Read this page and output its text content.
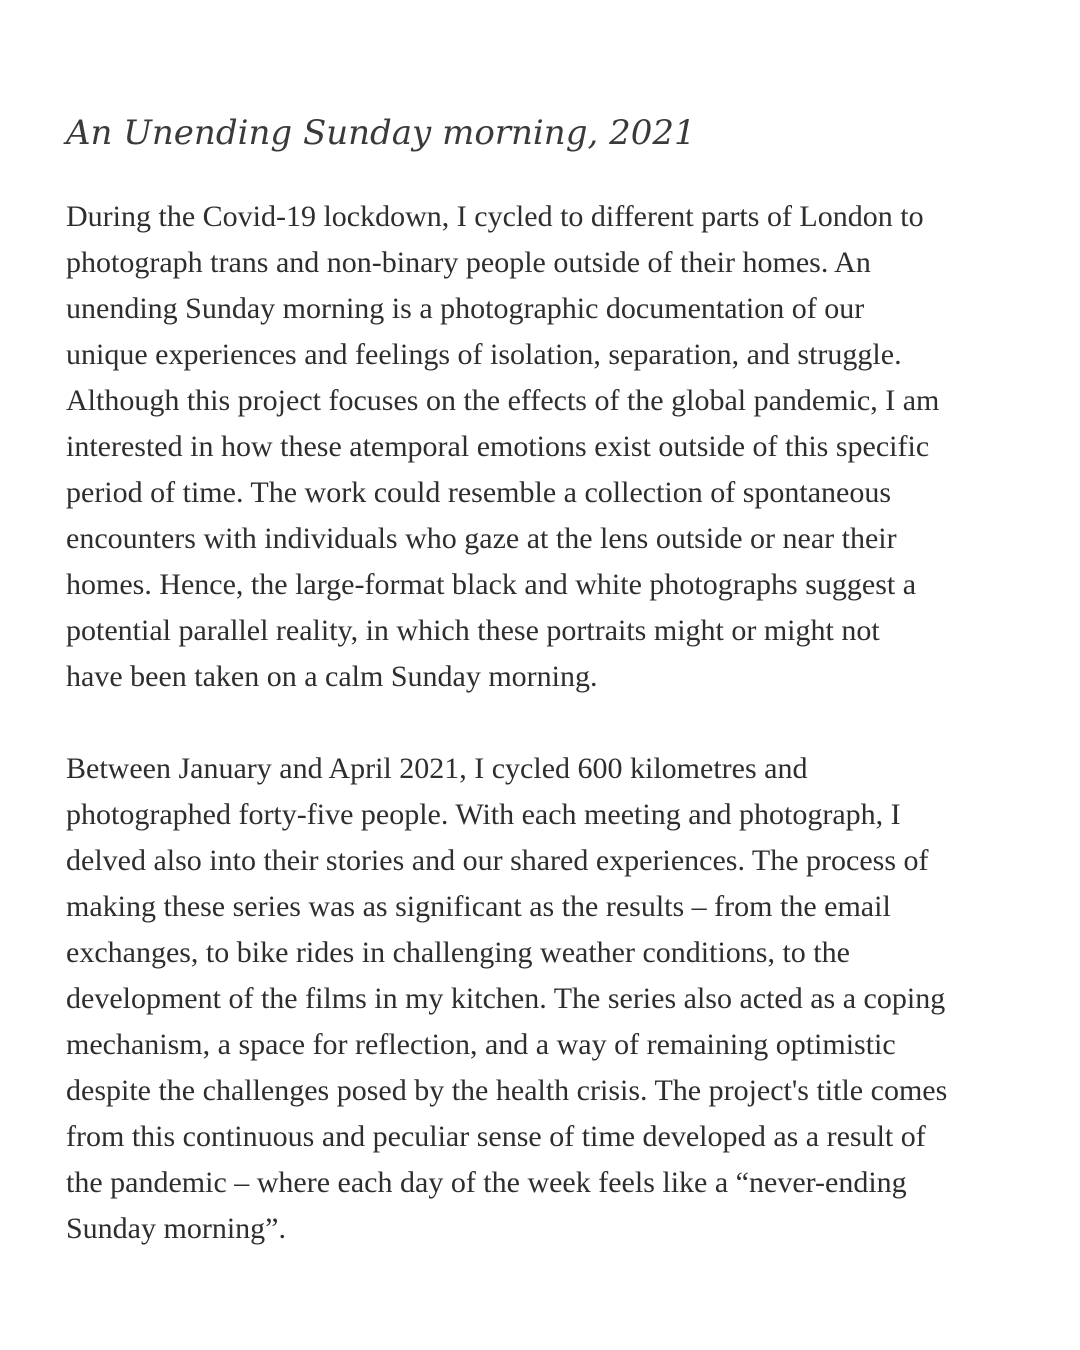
An Unending Sunday morning, 2021

During the Covid-19 lockdown, I cycled to different parts of London to
photograph trans and non-binary people outside of their homes. An
unending Sunday morning is a photographic documentation of our
unique experiences and feelings of isolation, separation, and struggle.
Although this project focuses on the effects of the global pandemic, I am
interested in how these atemporal emotions exist outside of this specific
period of time. The work could resemble a collection of spontaneous
encounters with individuals who gaze at the lens outside or near their
homes. Hence, the large-format black and white photographs suggest a
potential parallel reality, in which these portraits might or might not
have been taken on a calm Sunday morning.

Between January and April 2021, I cycled 600 kilometres and
photographed forty-five people. With each meeting and photograph, I
delved also into their stories and our shared experiences. The process of
making these series was as significant as the results – from the email
exchanges, to bike rides in challenging weather conditions, to the
development of the films in my kitchen. The series also acted as a coping
mechanism, a space for reflection, and a way of remaining optimistic
despite the challenges posed by the health crisis. The project's title comes
from this continuous and peculiar sense of time developed as a result of
the pandemic – where each day of the week feels like a “never-ending
Sunday morning”.
